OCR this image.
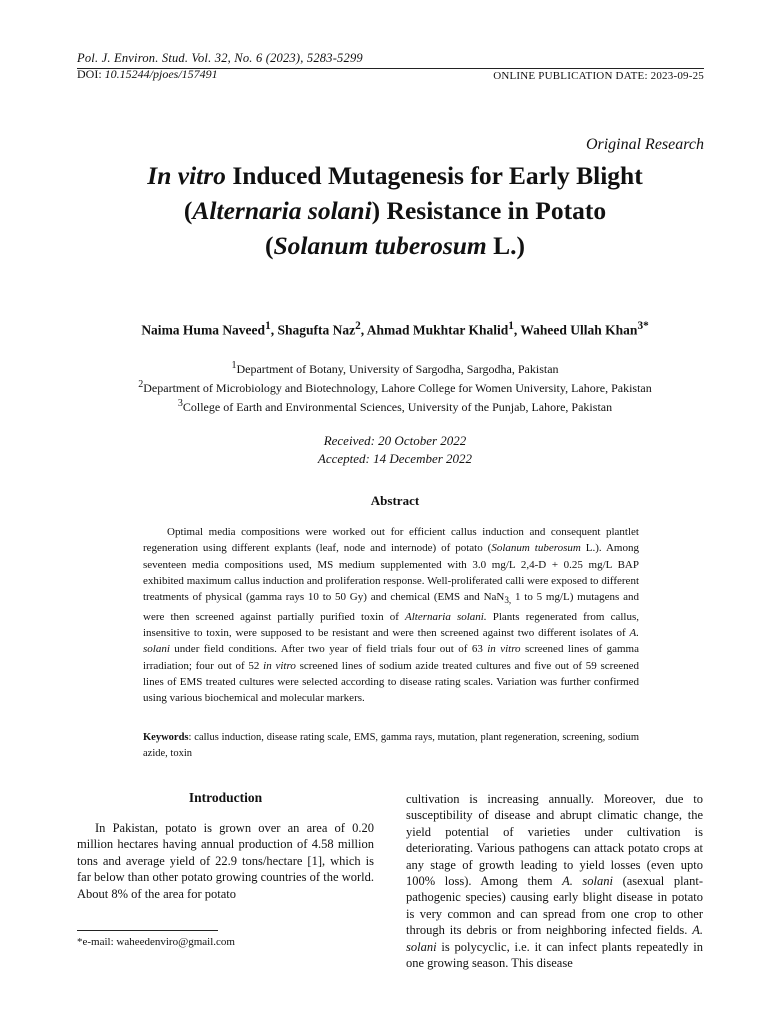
Pol. J. Environ. Stud. Vol. 32, No. 6 (2023), 5283-5299
DOI: 10.15244/pjoes/157491	ONLINE PUBLICATION DATE: 2023-09-25
Original Research
In vitro Induced Mutagenesis for Early Blight
(Alternaria solani) Resistance in Potato
(Solanum tuberosum L.)
Naima Huma Naveed$^1$, Shagufta Naz$^2$, Ahmad Mukhtar Khalid$^1$, Waheed Ullah Khan$^{3*}$
$^1$Department of Botany, University of Sargodha, Sargodha, Pakistan
$^2$Department of Microbiology and Biotechnology, Lahore College for Women University, Lahore, Pakistan
$^3$College of Earth and Environmental Sciences, University of the Punjab, Lahore, Pakistan
Received: 20 October 2022
Accepted: 14 December 2022
Abstract
Optimal media compositions were worked out for efficient callus induction and consequent plantlet regeneration using different explants (leaf, node and internode) of potato (Solanum tuberosum L.). Among seventeen media compositions used, MS medium supplemented with 3.0 mg/L 2,4-D + 0.25 mg/L BAP exhibited maximum callus induction and proliferation response. Well-proliferated calli were exposed to different treatments of physical (gamma rays 10 to 50 Gy) and chemical (EMS and NaN$_{3,}$ 1 to 5 mg/L) mutagens and were then screened against partially purified toxin of Alternaria solani. Plants regenerated from callus, insensitive to toxin, were supposed to be resistant and were then screened against two different isolates of A. solani under field conditions. After two year of field trials four out of 63 in vitro screened lines of gamma irradiation; four out of 52 in vitro screened lines of sodium azide treated cultures and five out of 59 screened lines of EMS treated cultures were selected according to disease rating scales. Variation was further confirmed using various biochemical and molecular markers.
Keywords: callus induction, disease rating scale, EMS, gamma rays, mutation, plant regeneration, screening, sodium azide, toxin
Introduction
In Pakistan, potato is grown over an area of 0.20 million hectares having annual production of 4.58 million tons and average yield of 22.9 tons/hectare [1], which is far below than other potato growing countries of the world. About 8% of the area for potato
cultivation is increasing annually. Moreover, due to susceptibility of disease and abrupt climatic change, the yield potential of varieties under cultivation is deteriorating. Various pathogens can attack potato crops at any stage of growth leading to yield losses (even upto 100% loss). Among them A. solani (asexual plant-pathogenic species) causing early blight disease in potato is very common and can spread from one crop to other through its debris or from neighboring infected fields. A. solani is polycyclic, i.e. it can infect plants repeatedly in one growing season. This disease
*e-mail: waheedenviro@gmail.com
